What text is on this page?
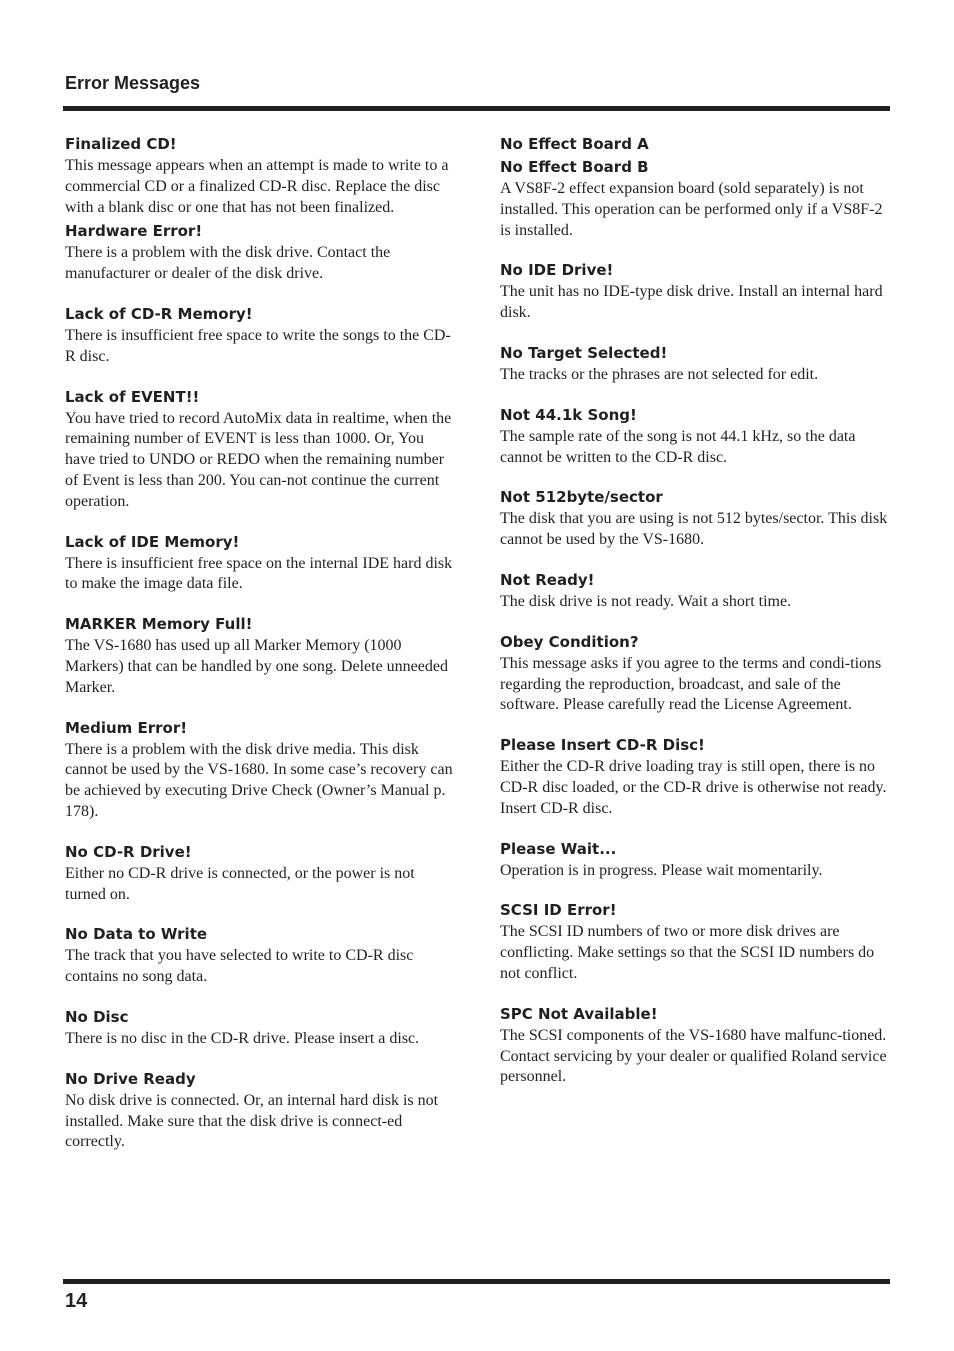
Error Messages
Finalized CD!

This message appears when an attempt is made to write to a commercial CD or a finalized CD-R disc. Replace the disc with a blank disc or one that has not been finalized.

Hardware Error!

There is a problem with the disk drive. Contact the manufacturer or dealer of the disk drive.

Lack of CD-R Memory!

There is insufficient free space to write the songs to the CD-R disc.

Lack of EVENT!!

You have tried to record AutoMix data in realtime, when the remaining number of EVENT is less than 1000. Or, You have tried to UNDO or REDO when the remaining number of Event is less than 200. You can-not continue the current operation.

Lack of IDE Memory!

There is insufficient free space on the internal IDE hard disk to make the image data file.

MARKER Memory Full!

The VS-1680 has used up all Marker Memory (1000 Markers) that can be handled by one song. Delete unneeded Marker.

Medium Error!

There is a problem with the disk drive media. This disk cannot be used by the VS-1680. In some case’s recovery can be achieved by executing Drive Check (Owner’s Manual p. 178).

No CD-R Drive!

Either no CD-R drive is connected, or the power is not turned on.

No Data to Write

The track that you have selected to write to CD-R disc contains no song data.

No Disc

There is no disc in the CD-R drive. Please insert a disc.

No Drive Ready

No disk drive is connected. Or, an internal hard disk is not installed. Make sure that the disk drive is connect-ed correctly.

No Effect Board A
No Effect Board B

A VS8F-2 effect expansion board (sold separately) is not installed. This operation can be performed only if a VS8F-2 is installed.

No IDE Drive!

The unit has no IDE-type disk drive. Install an internal hard disk.

No Target Selected!

The tracks or the phrases are not selected for edit.

Not 44.1k Song!

The sample rate of the song is not 44.1 kHz, so the data cannot be written to the CD-R disc.

Not 512byte/sector

The disk that you are using is not 512 bytes/sector. This disk cannot be used by the VS-1680.

Not Ready!

The disk drive is not ready. Wait a short time.

Obey Condition?

This message asks if you agree to the terms and condi-tions regarding the reproduction, broadcast, and sale of the software. Please carefully read the License Agreement.

Please Insert CD-R Disc!

Either the CD-R drive loading tray is still open, there is no CD-R disc loaded, or the CD-R drive is otherwise not ready. Insert CD-R disc.

Please Wait...

Operation is in progress. Please wait momentarily.

SCSI ID Error!

The SCSI ID numbers of two or more disk drives are conflicting. Make settings so that the SCSI ID numbers do not conflict.

SPC Not Available!

The SCSI components of the VS-1680 have malfunc-tioned. Contact servicing by your dealer or qualified Roland service personnel.

14
